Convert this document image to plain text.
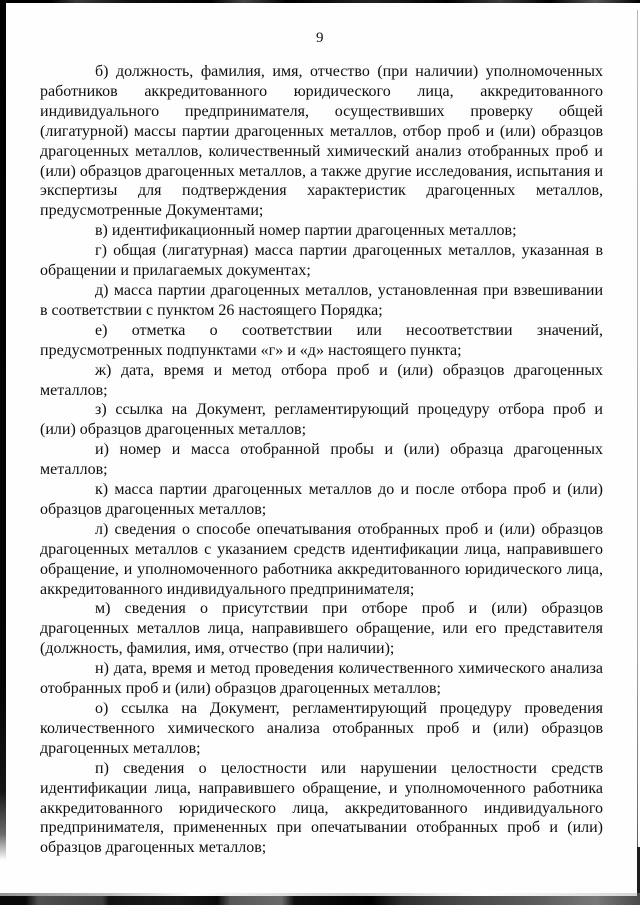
9

б) должность, фамилия, имя, отчество (при наличии) уполномоченных работников аккредитованного юридического лица, аккредитованного индивидуального предпринимателя, осуществивших проверку общей (лигатурной) массы партии драгоценных металлов, отбор проб и (или) образцов драгоценных металлов, количественный химический анализ отобранных проб и (или) образцов драгоценных металлов, а также другие исследования, испытания и экспертизы для подтверждения характеристик драгоценных металлов, предусмотренные Документами;

в) идентификационный номер партии драгоценных металлов;

г) общая (лигатурная) масса партии драгоценных металлов, указанная в обращении и прилагаемых документах;

д) масса партии драгоценных металлов, установленная при взвешивании в соответствии с пунктом 26 настоящего Порядка;

е) отметка о соответствии или несоответствии значений, предусмотренных подпунктами «г» и «д» настоящего пункта;

ж) дата, время и метод отбора проб и (или) образцов драгоценных металлов;

з) ссылка на Документ, регламентирующий процедуру отбора проб и (или) образцов драгоценных металлов;

и) номер и масса отобранной пробы и (или) образца драгоценных металлов;

к) масса партии драгоценных металлов до и после отбора проб и (или) образцов драгоценных металлов;

л) сведения о способе опечатывания отобранных проб и (или) образцов драгоценных металлов с указанием средств идентификации лица, направившего обращение, и уполномоченного работника аккредитованного юридического лица, аккредитованного индивидуального предпринимателя;

м) сведения о присутствии при отборе проб и (или) образцов драгоценных металлов лица, направившего обращение, или его представителя (должность, фамилия, имя, отчество (при наличии);

н) дата, время и метод проведения количественного химического анализа отобранных проб и (или) образцов драгоценных металлов;

о) ссылка на Документ, регламентирующий процедуру проведения количественного химического анализа отобранных проб и (или) образцов драгоценных металлов;

п) сведения о целостности или нарушении целостности средств идентификации лица, направившего обращение, и уполномоченного работника аккредитованного юридического лица, аккредитованного индивидуального предпринимателя, примененных при опечатывании отобранных проб и (или) образцов драгоценных металлов;
